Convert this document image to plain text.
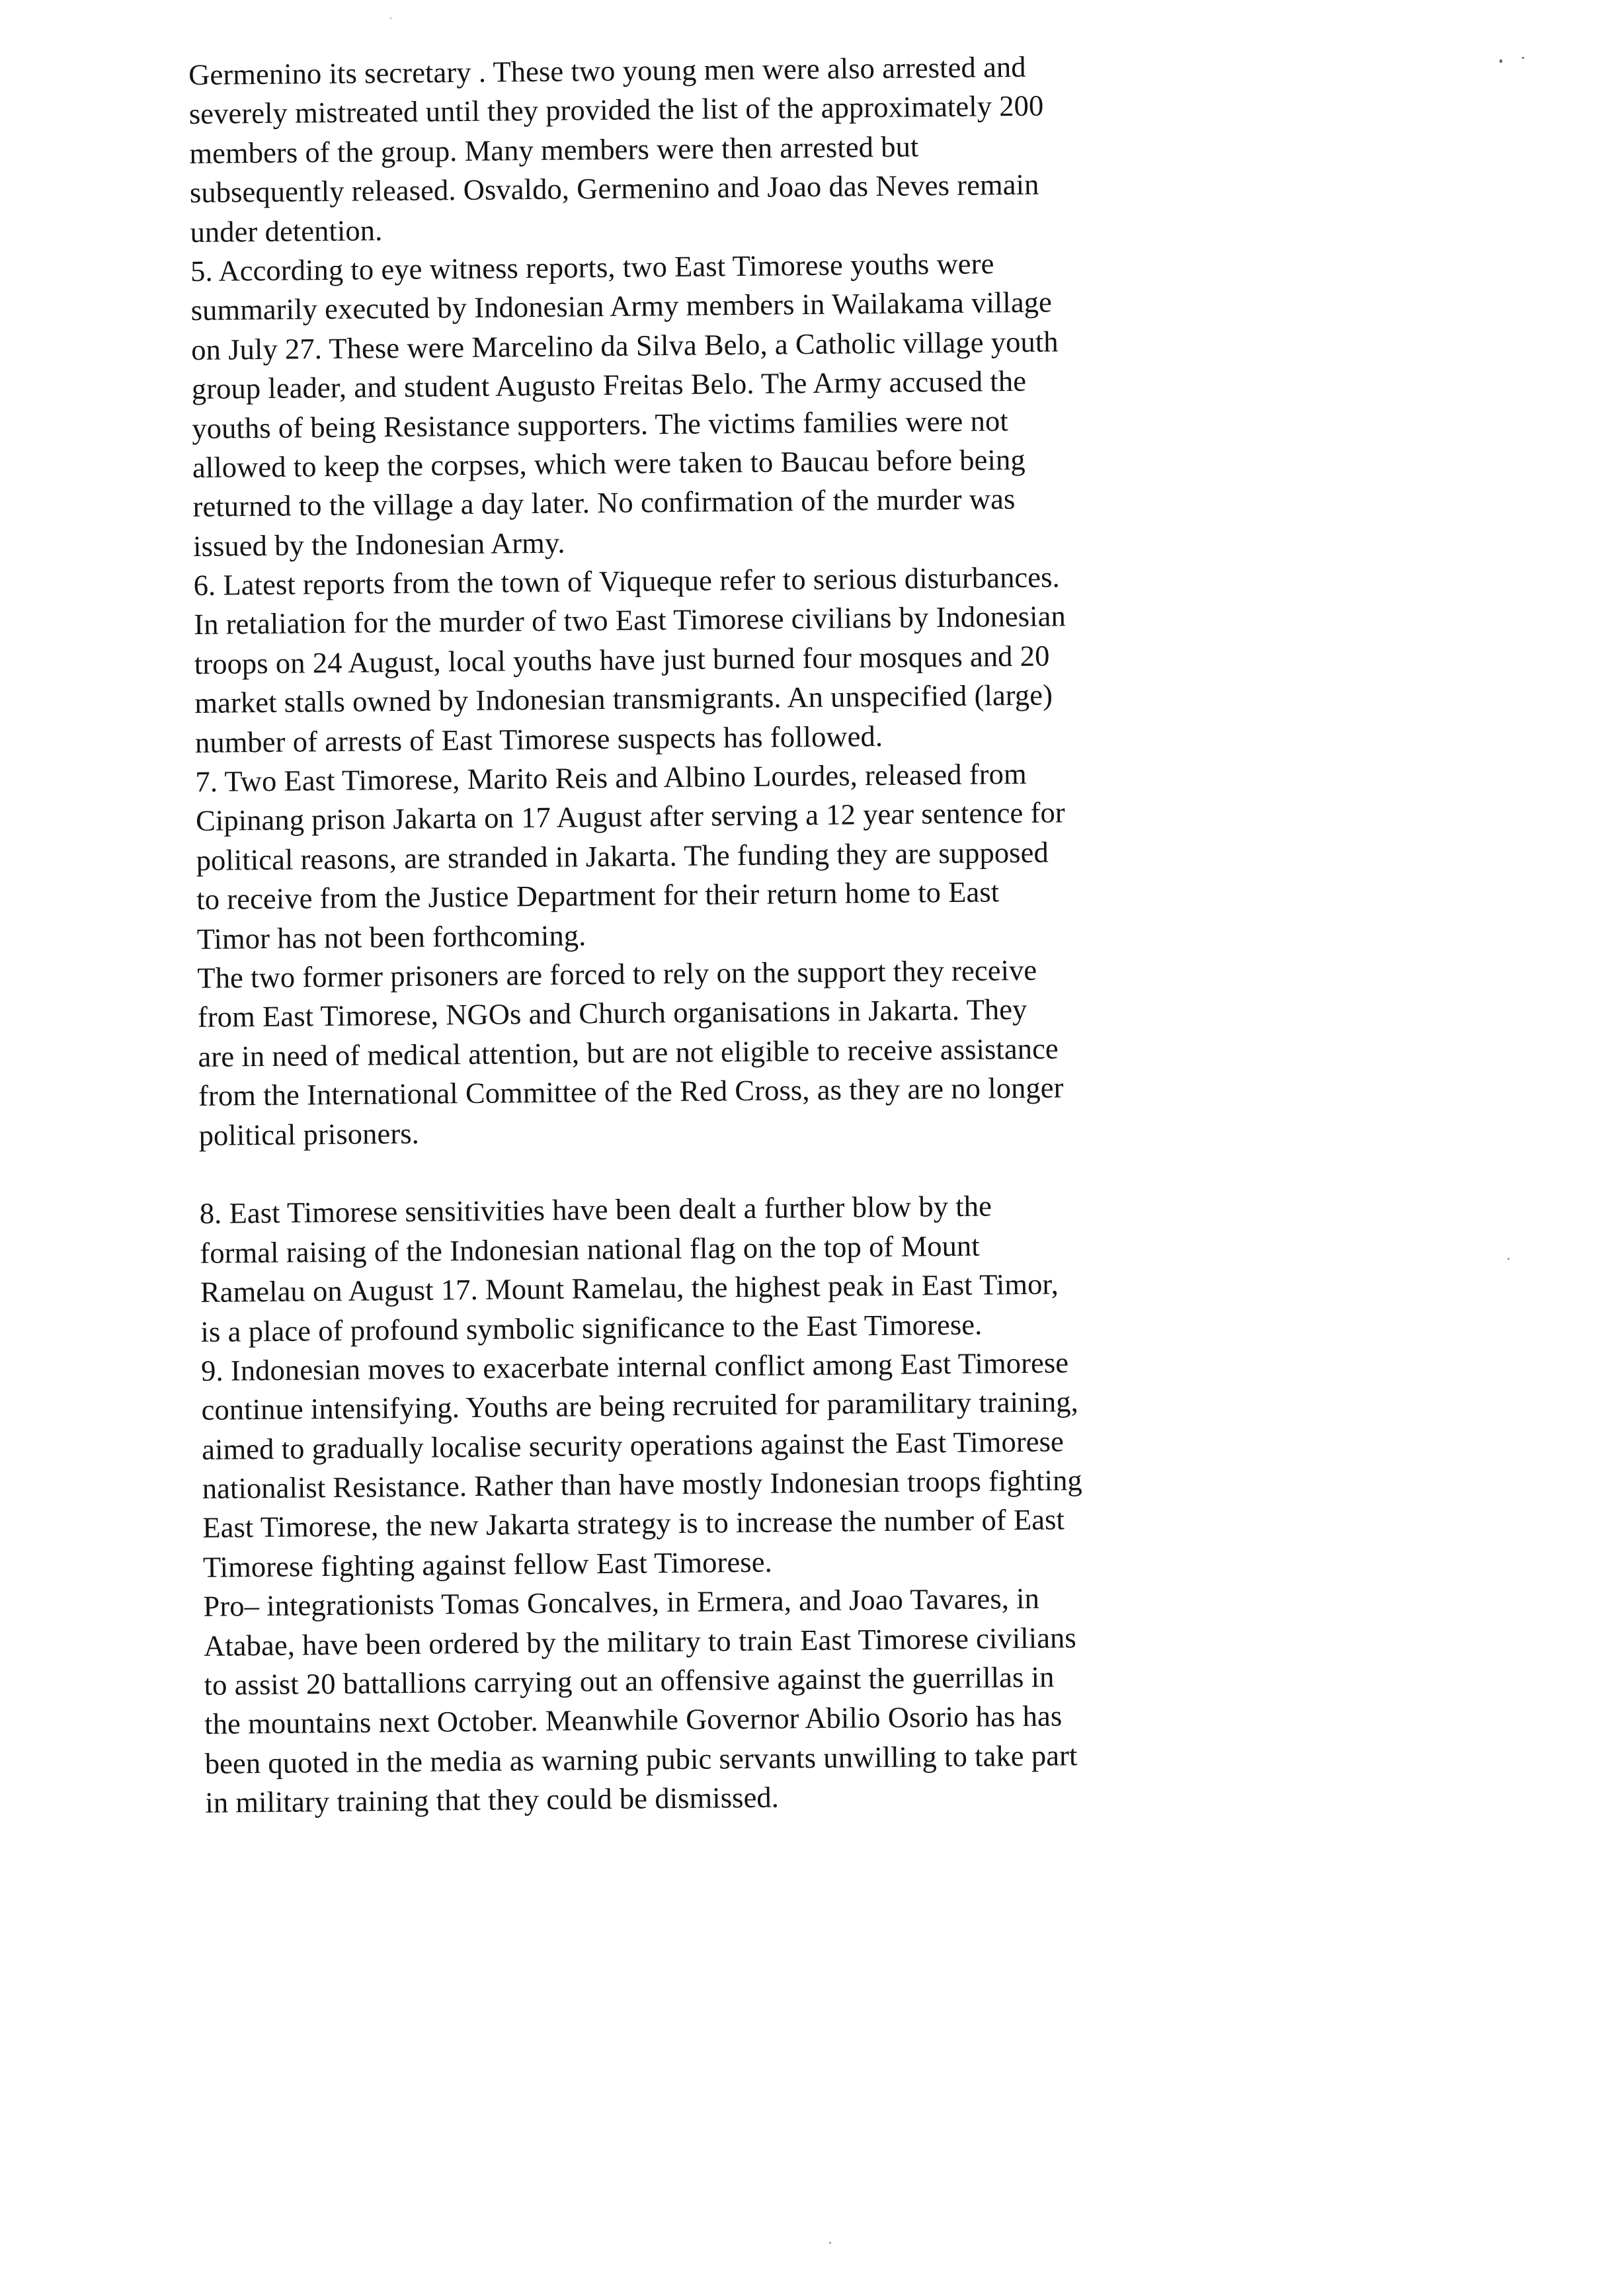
Germenino its secretary . These two young men were also arrested and
severely mistreated until they provided the list of the approximately 200
members of the group. Many members were then arrested but
subsequently released. Osvaldo, Germenino and Joao das Neves remain
under detention.
5. According to eye witness reports, two East Timorese youths were
summarily executed by Indonesian Army members in Wailakama village
on July 27. These were Marcelino da Silva Belo, a Catholic village youth
group leader, and student Augusto Freitas Belo. The Army accused the
youths of being Resistance supporters. The victims families were not
allowed to keep the corpses, which were taken to Baucau before being
returned to the village a day later. No confirmation of the murder was
issued by the Indonesian Army.
6. Latest reports from the town of Viqueque refer to serious disturbances.
In retaliation for the murder of two East Timorese civilians by Indonesian
troops on 24 August, local youths have just burned four mosques and 20
market stalls owned by Indonesian transmigrants. An unspecified (large)
number of arrests of East Timorese suspects has followed.
7. Two East Timorese, Marito Reis and Albino Lourdes, released from
Cipinang prison Jakarta on 17 August after serving a 12 year sentence for
political reasons, are stranded in Jakarta. The funding they are supposed
to receive from the Justice Department for their return home to East
Timor has not been forthcoming.
The two former prisoners are forced to rely on the support they receive
from East Timorese, NGOs and Church organisations in Jakarta. They
are in need of medical attention, but are not eligible to receive assistance
from the International Committee of the Red Cross, as they are no longer
political prisoners.
8. East Timorese sensitivities have been dealt a further blow by the
formal raising of the Indonesian national flag on the top of Mount
Ramelau on August 17. Mount Ramelau, the highest peak in East Timor,
is a place of profound symbolic significance to the East Timorese.
9. Indonesian moves to exacerbate internal conflict among East Timorese
continue intensifying. Youths are being recruited for paramilitary training,
aimed to gradually localise security operations against the East Timorese
nationalist Resistance. Rather than have mostly Indonesian troops fighting
East Timorese, the new Jakarta strategy is to increase the number of East
Timorese fighting against fellow East Timorese.
Pro– integrationists Tomas Goncalves, in Ermera, and Joao Tavares, in
Atabae, have been ordered by the military to train East Timorese civilians
to assist 20 battallions carrying out an offensive against the guerrillas in
the mountains next October. Meanwhile Governor Abilio Osorio has has
been quoted in the media as warning pubic servants unwilling to take part
in military training that they could be dismissed.
